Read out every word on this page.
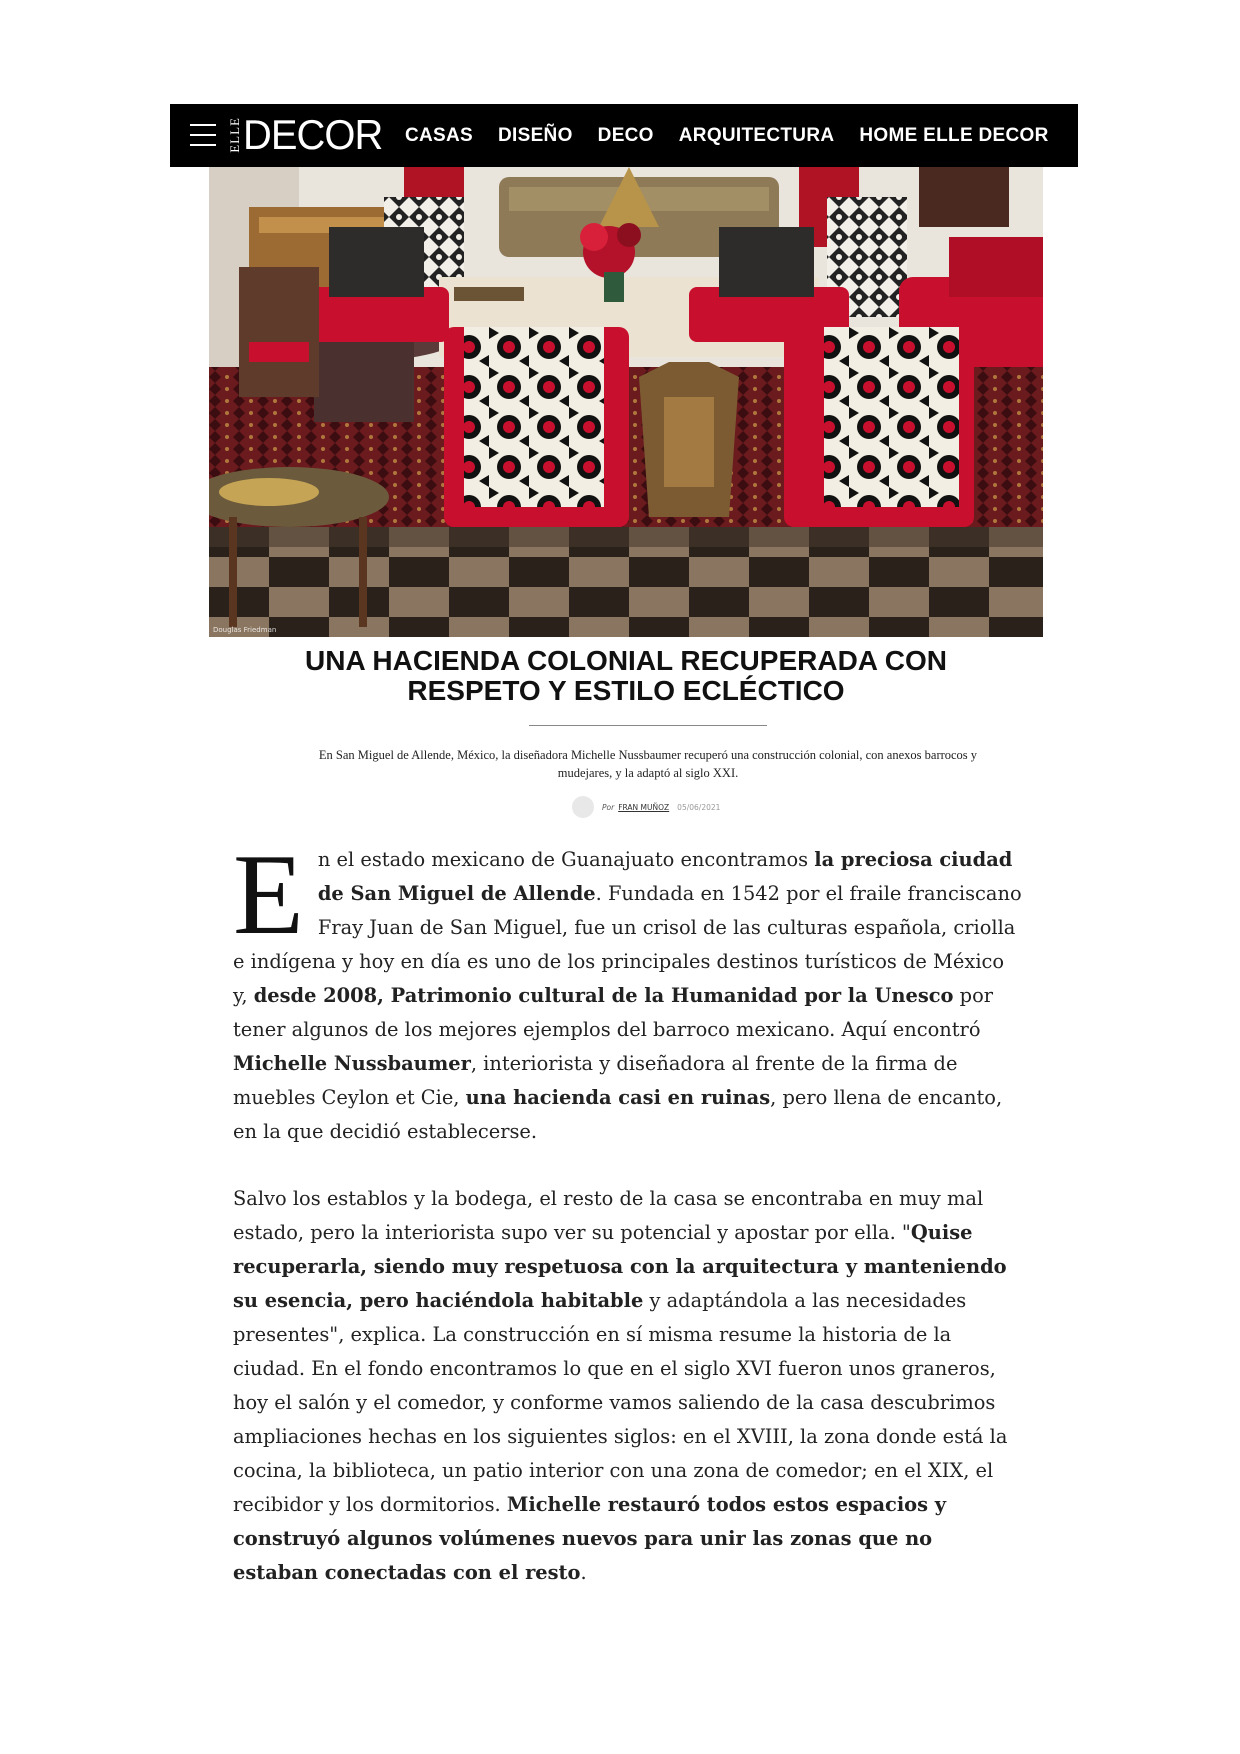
ELLE DECOR CASAS DISEÑO DECO ARQUITECTURA HOME ELLE DECOR
Douglas Friedman
UNA HACIENDA COLONIAL RECUPERADA CON
RESPETO Y ESTILO ECLÉCTICO
En San Miguel de Allende, México, la diseñadora Michelle Nussbaumer recuperó una construcción colonial, con anexos barrocos y
mudejares, y la adaptó al siglo XXI.
Por FRAN MUÑOZ 05/06/2021

En el estado mexicano de Guanajuato encontramos la preciosa ciudad de San Miguel de Allende. Fundada en 1542 por el fraile franciscano Fray Juan de San Miguel, fue un crisol de las culturas española, criolla e indígena y hoy en día es uno de los principales destinos turísticos de México y, desde 2008, Patrimonio cultural de la Humanidad por la Unesco por tener algunos de los mejores ejemplos del barroco mexicano. Aquí encontró Michelle Nussbaumer, interiorista y diseñadora al frente de la firma de muebles Ceylon et Cie, una hacienda casi en ruinas, pero llena de encanto, en la que decidió establecerse.

Salvo los establos y la bodega, el resto de la casa se encontraba en muy mal estado, pero la interiorista supo ver su potencial y apostar por ella. "Quise recuperarla, siendo muy respetuosa con la arquitectura y manteniendo su esencia, pero haciéndola habitable y adaptándola a las necesidades presentes", explica. La construcción en sí misma resume la historia de la ciudad. En el fondo encontramos lo que en el siglo XVI fueron unos graneros, hoy el salón y el comedor, y conforme vamos saliendo de la casa descubrimos ampliaciones hechas en los siguientes siglos: en el XVIII, la zona donde está la cocina, la biblioteca, un patio interior con una zona de comedor; en el XIX, el recibidor y los dormitorios. Michelle restauró todos estos espacios y construyó algunos volúmenes nuevos para unir las zonas que no estaban conectadas con el resto.
